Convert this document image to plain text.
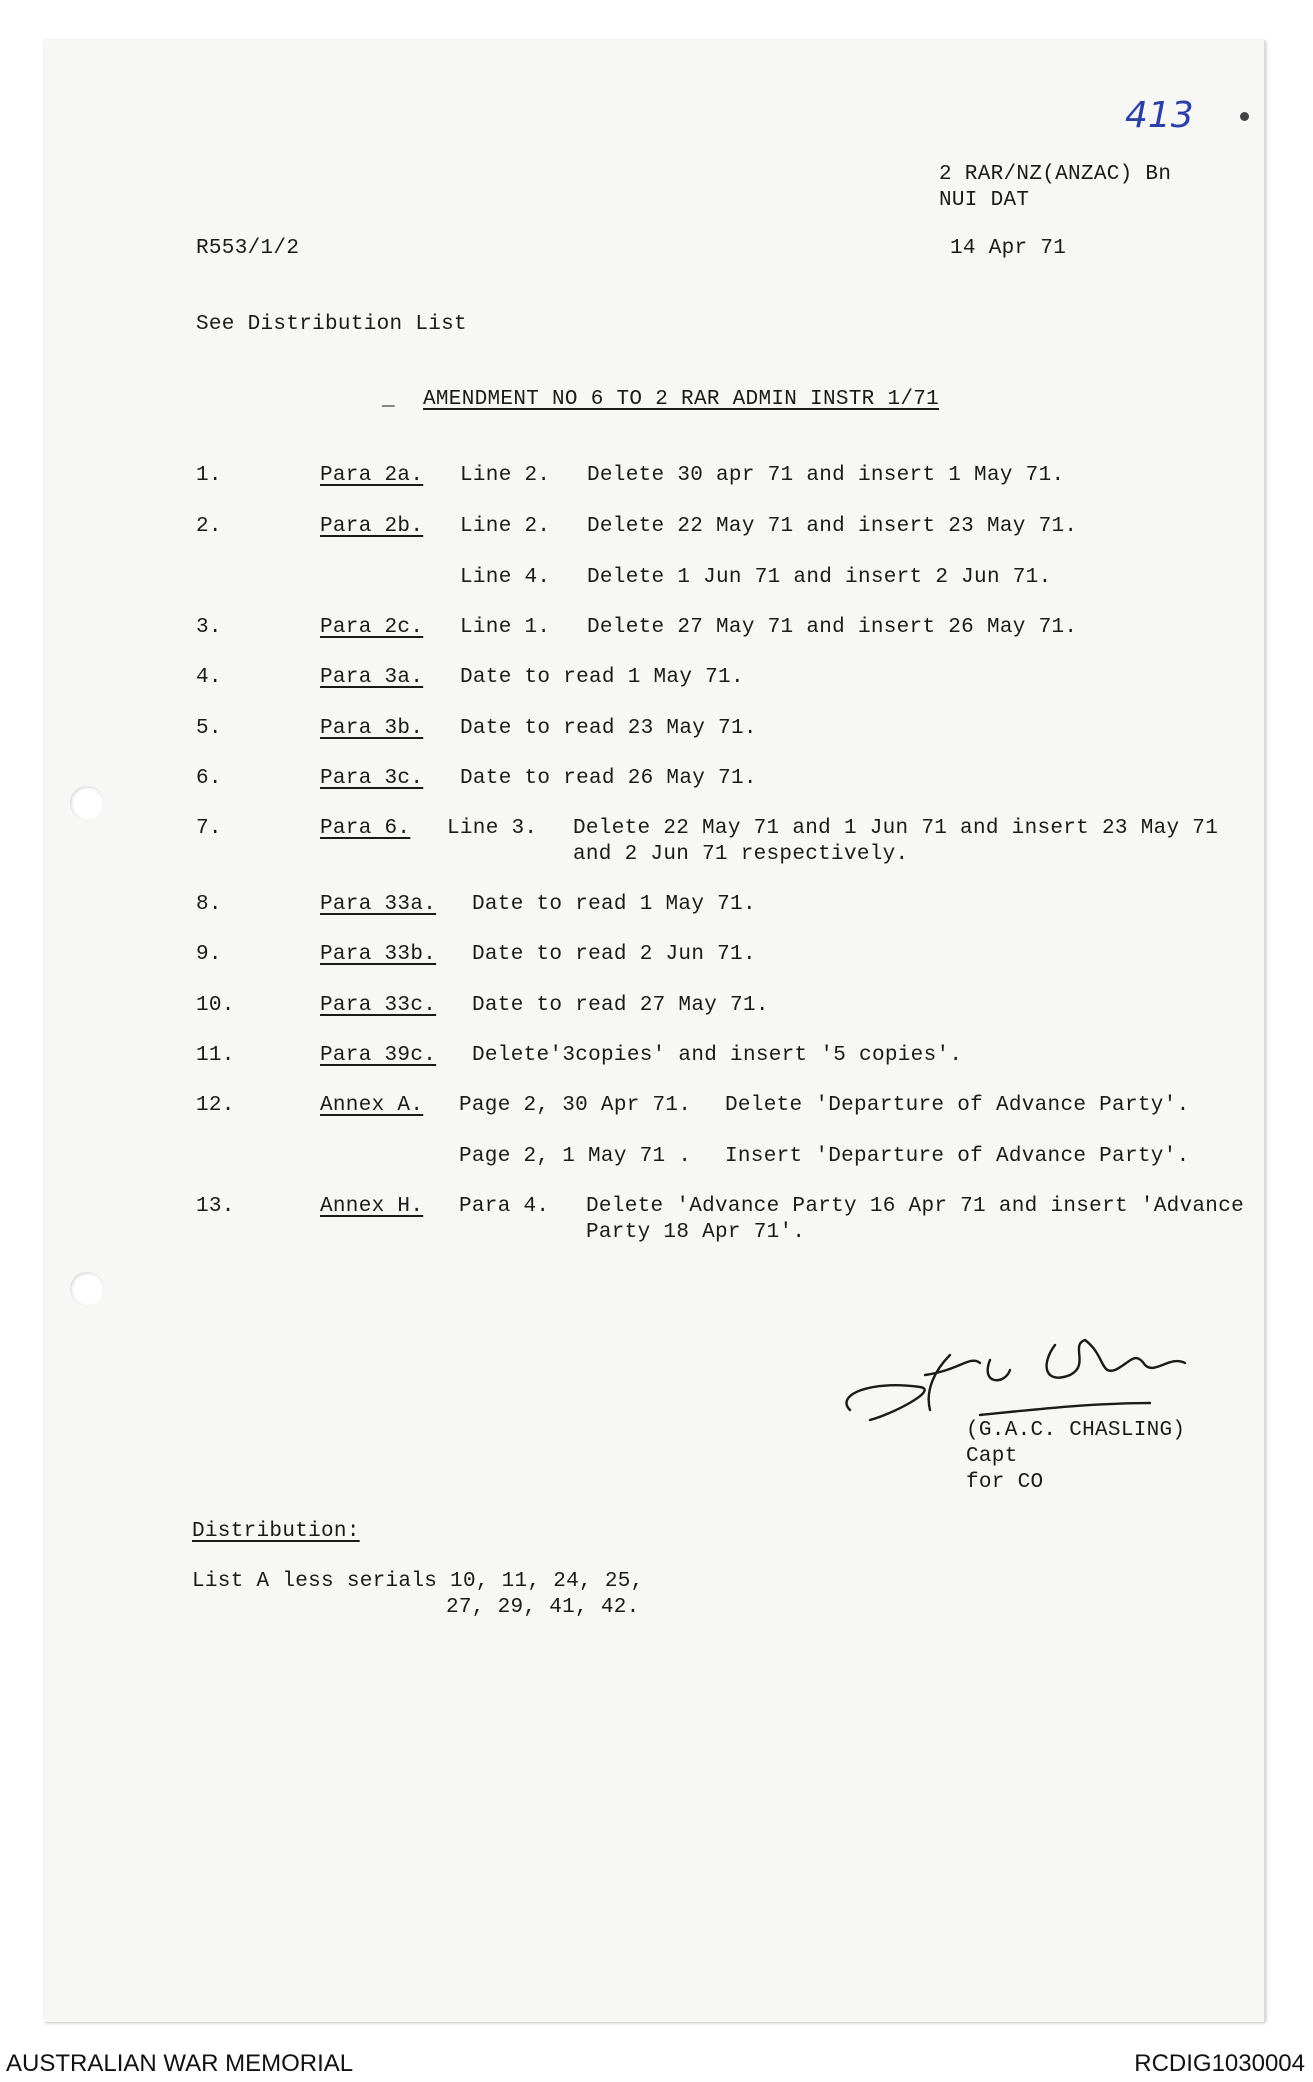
413
2 RAR/NZ(ANZAC) Bn
NUI DAT
R553/1/2	14 Apr 71
See Distribution List
_ AMENDMENT NO 6 TO 2 RAR ADMIN INSTR 1/71
1.	Para 2a. Line 2. Delete 30 apr 71 and insert 1 May 71.
2.	Para 2b. Line 2. Delete 22 May 71 and insert 23 May 71.
Line 4. Delete 1 Jun 71 and insert 2 Jun 71.
3.	Para 2c. Line 1. Delete 27 May 71 and insert 26 May 71.
4.	Para 3a. Date to read 1 May 71.
5.	Para 3b. Date to read 23 May 71.
6.	Para 3c. Date to read 26 May 71.
7.	Para 6. Line 3. Delete 22 May 71 and 1 Jun 71 and insert 23 May 71
and 2 Jun 71 respectively.
8.	Para 33a. Date to read 1 May 71.
9.	Para 33b. Date to read 2 Jun 71.
10.	Para 33c. Date to read 27 May 71.
11.	Para 39c. Delete'3copies' and insert '5 copies'.
12.	Annex A. Page 2, 30 Apr 71. Delete 'Departure of Advance Party'.
Page 2, 1 May 71 . Insert 'Departure of Advance Party'.
13.	Annex H. Para 4. Delete 'Advance Party 16 Apr 71 and insert 'Advance
Party 18 Apr 71'.
G.A.C. Chasling
(G.A.C. CHASLING)
Capt
for CO
Distribution:
List A less serials 10, 11, 24, 25,
27, 29, 41, 42.
AUSTRALIAN WAR MEMORIAL	RCDIG1030004
